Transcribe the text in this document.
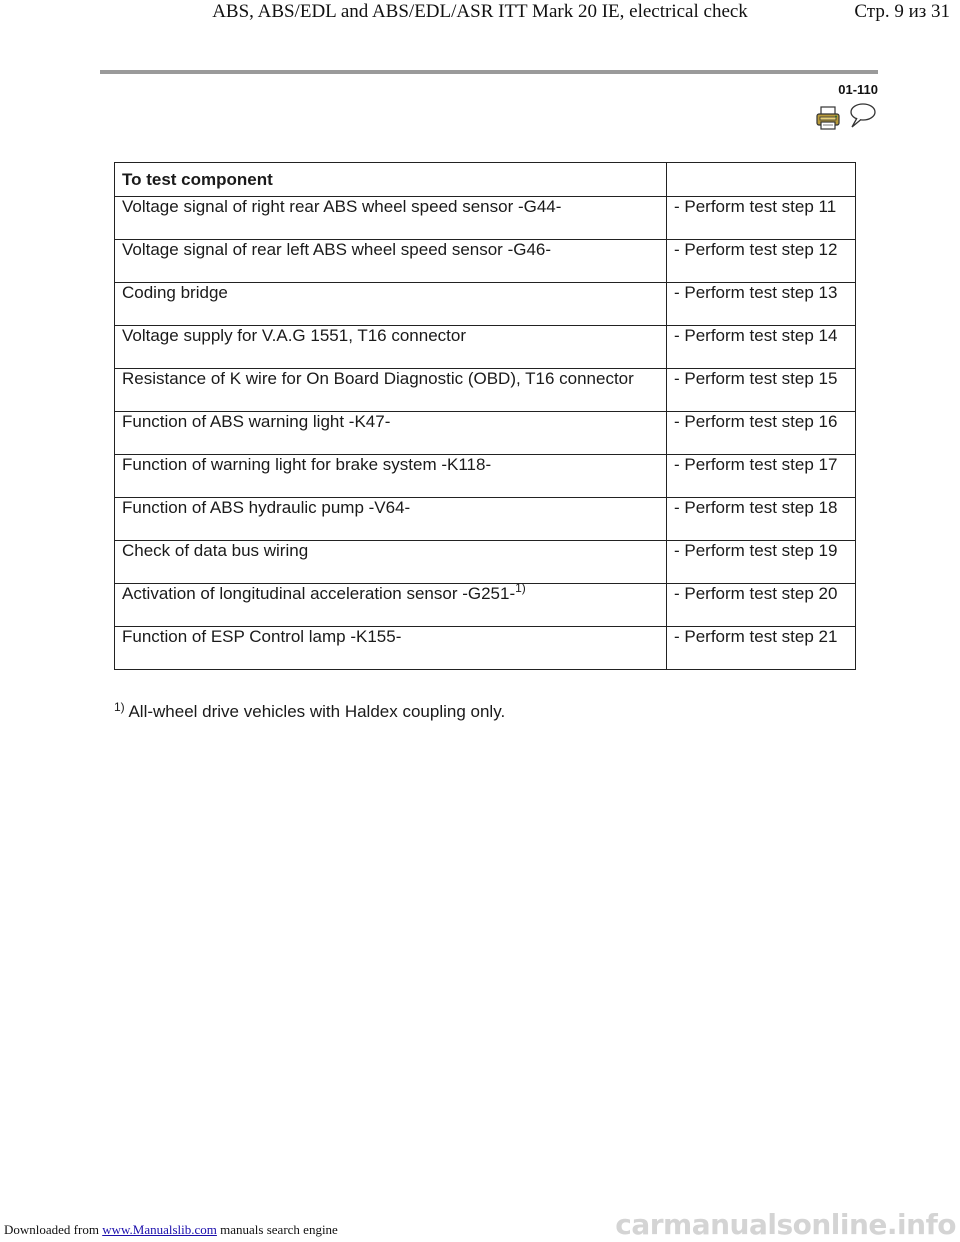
ABS, ABS/EDL and ABS/EDL/ASR ITT Mark 20 IE, electrical check	Стр. 9 из 31
01-110
To test component	
Voltage signal of right rear ABS wheel speed sensor -G44-	- Perform test step 11
Voltage signal of rear left ABS wheel speed sensor -G46-	- Perform test step 12
Coding bridge	- Perform test step 13
Voltage supply for V.A.G 1551, T16 connector	- Perform test step 14
Resistance of K wire for On Board Diagnostic (OBD), T16 connector	- Perform test step 15
Function of ABS warning light -K47-	- Perform test step 16
Function of warning light for brake system -K118-	- Perform test step 17
Function of ABS hydraulic pump -V64-	- Perform test step 18
Check of data bus wiring	- Perform test step 19
Activation of longitudinal acceleration sensor -G251-$^{1)}$	- Perform test step 20
Function of ESP Control lamp -K155-	- Perform test step 21
$^{1)}$ All-wheel drive vehicles with Haldex coupling only.
Downloaded from www.Manualslib.com manuals search engine	carmanualsonline.info
